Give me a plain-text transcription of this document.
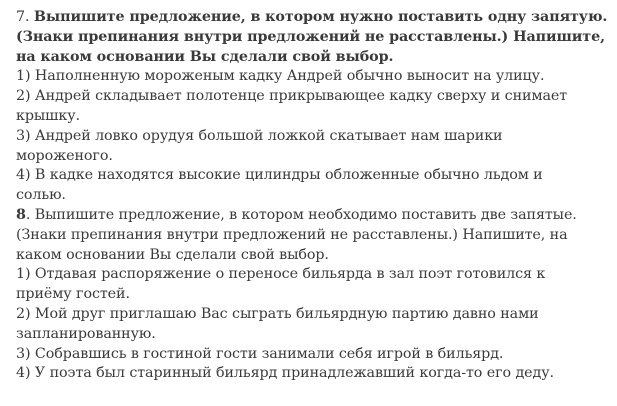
7. Выпишите предложение, в котором нужно поставить одну запятую.
(Знаки препинания внутри предложений не расставлены.) Напишите,
на каком основании Вы сделали свой выбор.
1) Наполненную мороженым кадку Андрей обычно выносит на улицу.
2) Андрей складывает полотенце прикрывающее кадку сверху и снимает
крышку.
3) Андрей ловко орудуя большой ложкой скатывает нам шарики
мороженого.
4) В кадке находятся высокие цилиндры обложенные обычно льдом и
солью.
8. Выпишите предложение, в котором необходимо поставить две запятые.
(Знаки препинания внутри предложений не расставлены.) Напишите, на
каком основании Вы сделали свой выбор.
1) Отдавая распоряжение о переносе бильярда в зал поэт готовился к
приёму гостей.
2) Мой друг приглашаю Вас сыграть бильярдную партию давно нами
запланированную.
3) Собравшись в гостиной гости занимали себя игрой в бильярд.
4) У поэта был старинный бильярд принадлежавший когда-то его деду.
